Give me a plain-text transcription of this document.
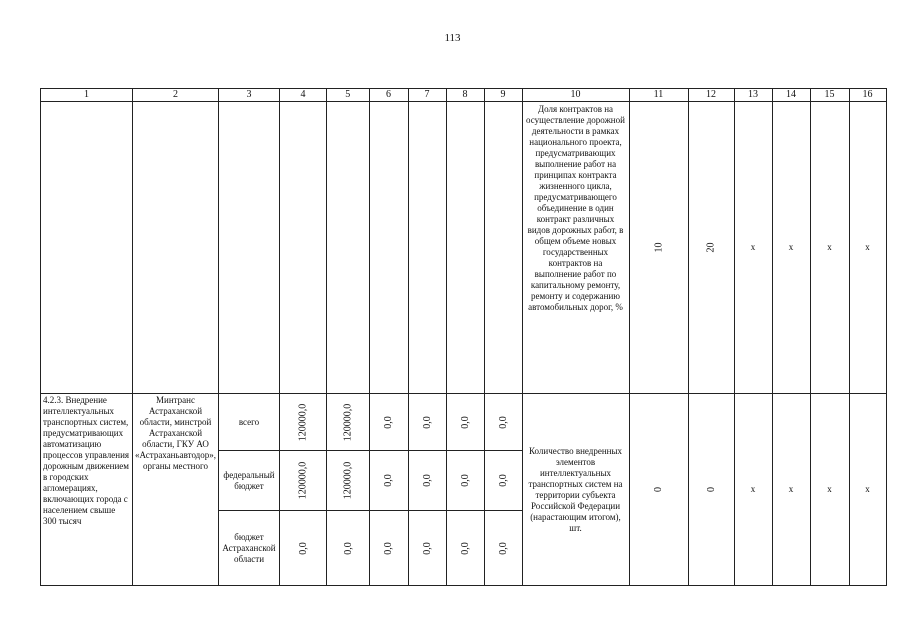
113
1	2	3	4	5	6	7	8	9	10	11	12	13	14	15	16
									Доля контрактов на осуществление дорожной деятельности в рамках национального проекта, предусматривающих выполнение работ на принципах контракта жизненного цикла, предусматривающего объединение в один контракт различных видов дорожных работ, в общем объеме новых государственных контрактов на выполнение работ по капитальному ремонту, ремонту и содержанию автомобильных дорог, %	10	20	x	x	x	x
4.2.3. Внедрение интеллектуальных транспортных систем, предусматривающих автоматизацию процессов управления дорожным движением в городских агломерациях, включающих города с населением свыше 300 тысяч	Минтранс Астраханской области, минстрой Астраханской области, ГКУ АО «Астраханьавтодор», органы местного	всего	120000,0	120000,0	0,0	0,0	0,0	0,0	Количество внедренных элементов интеллектуальных транспортных систем на территории субъекта Российской Федерации (нарастающим итогом), шт.	0	0	x	x	x	x
		федеральный бюджет	120000,0	120000,0	0,0	0,0	0,0	0,0							
		бюджет Астраханской области	0,0	0,0	0,0	0,0	0,0	0,0							
